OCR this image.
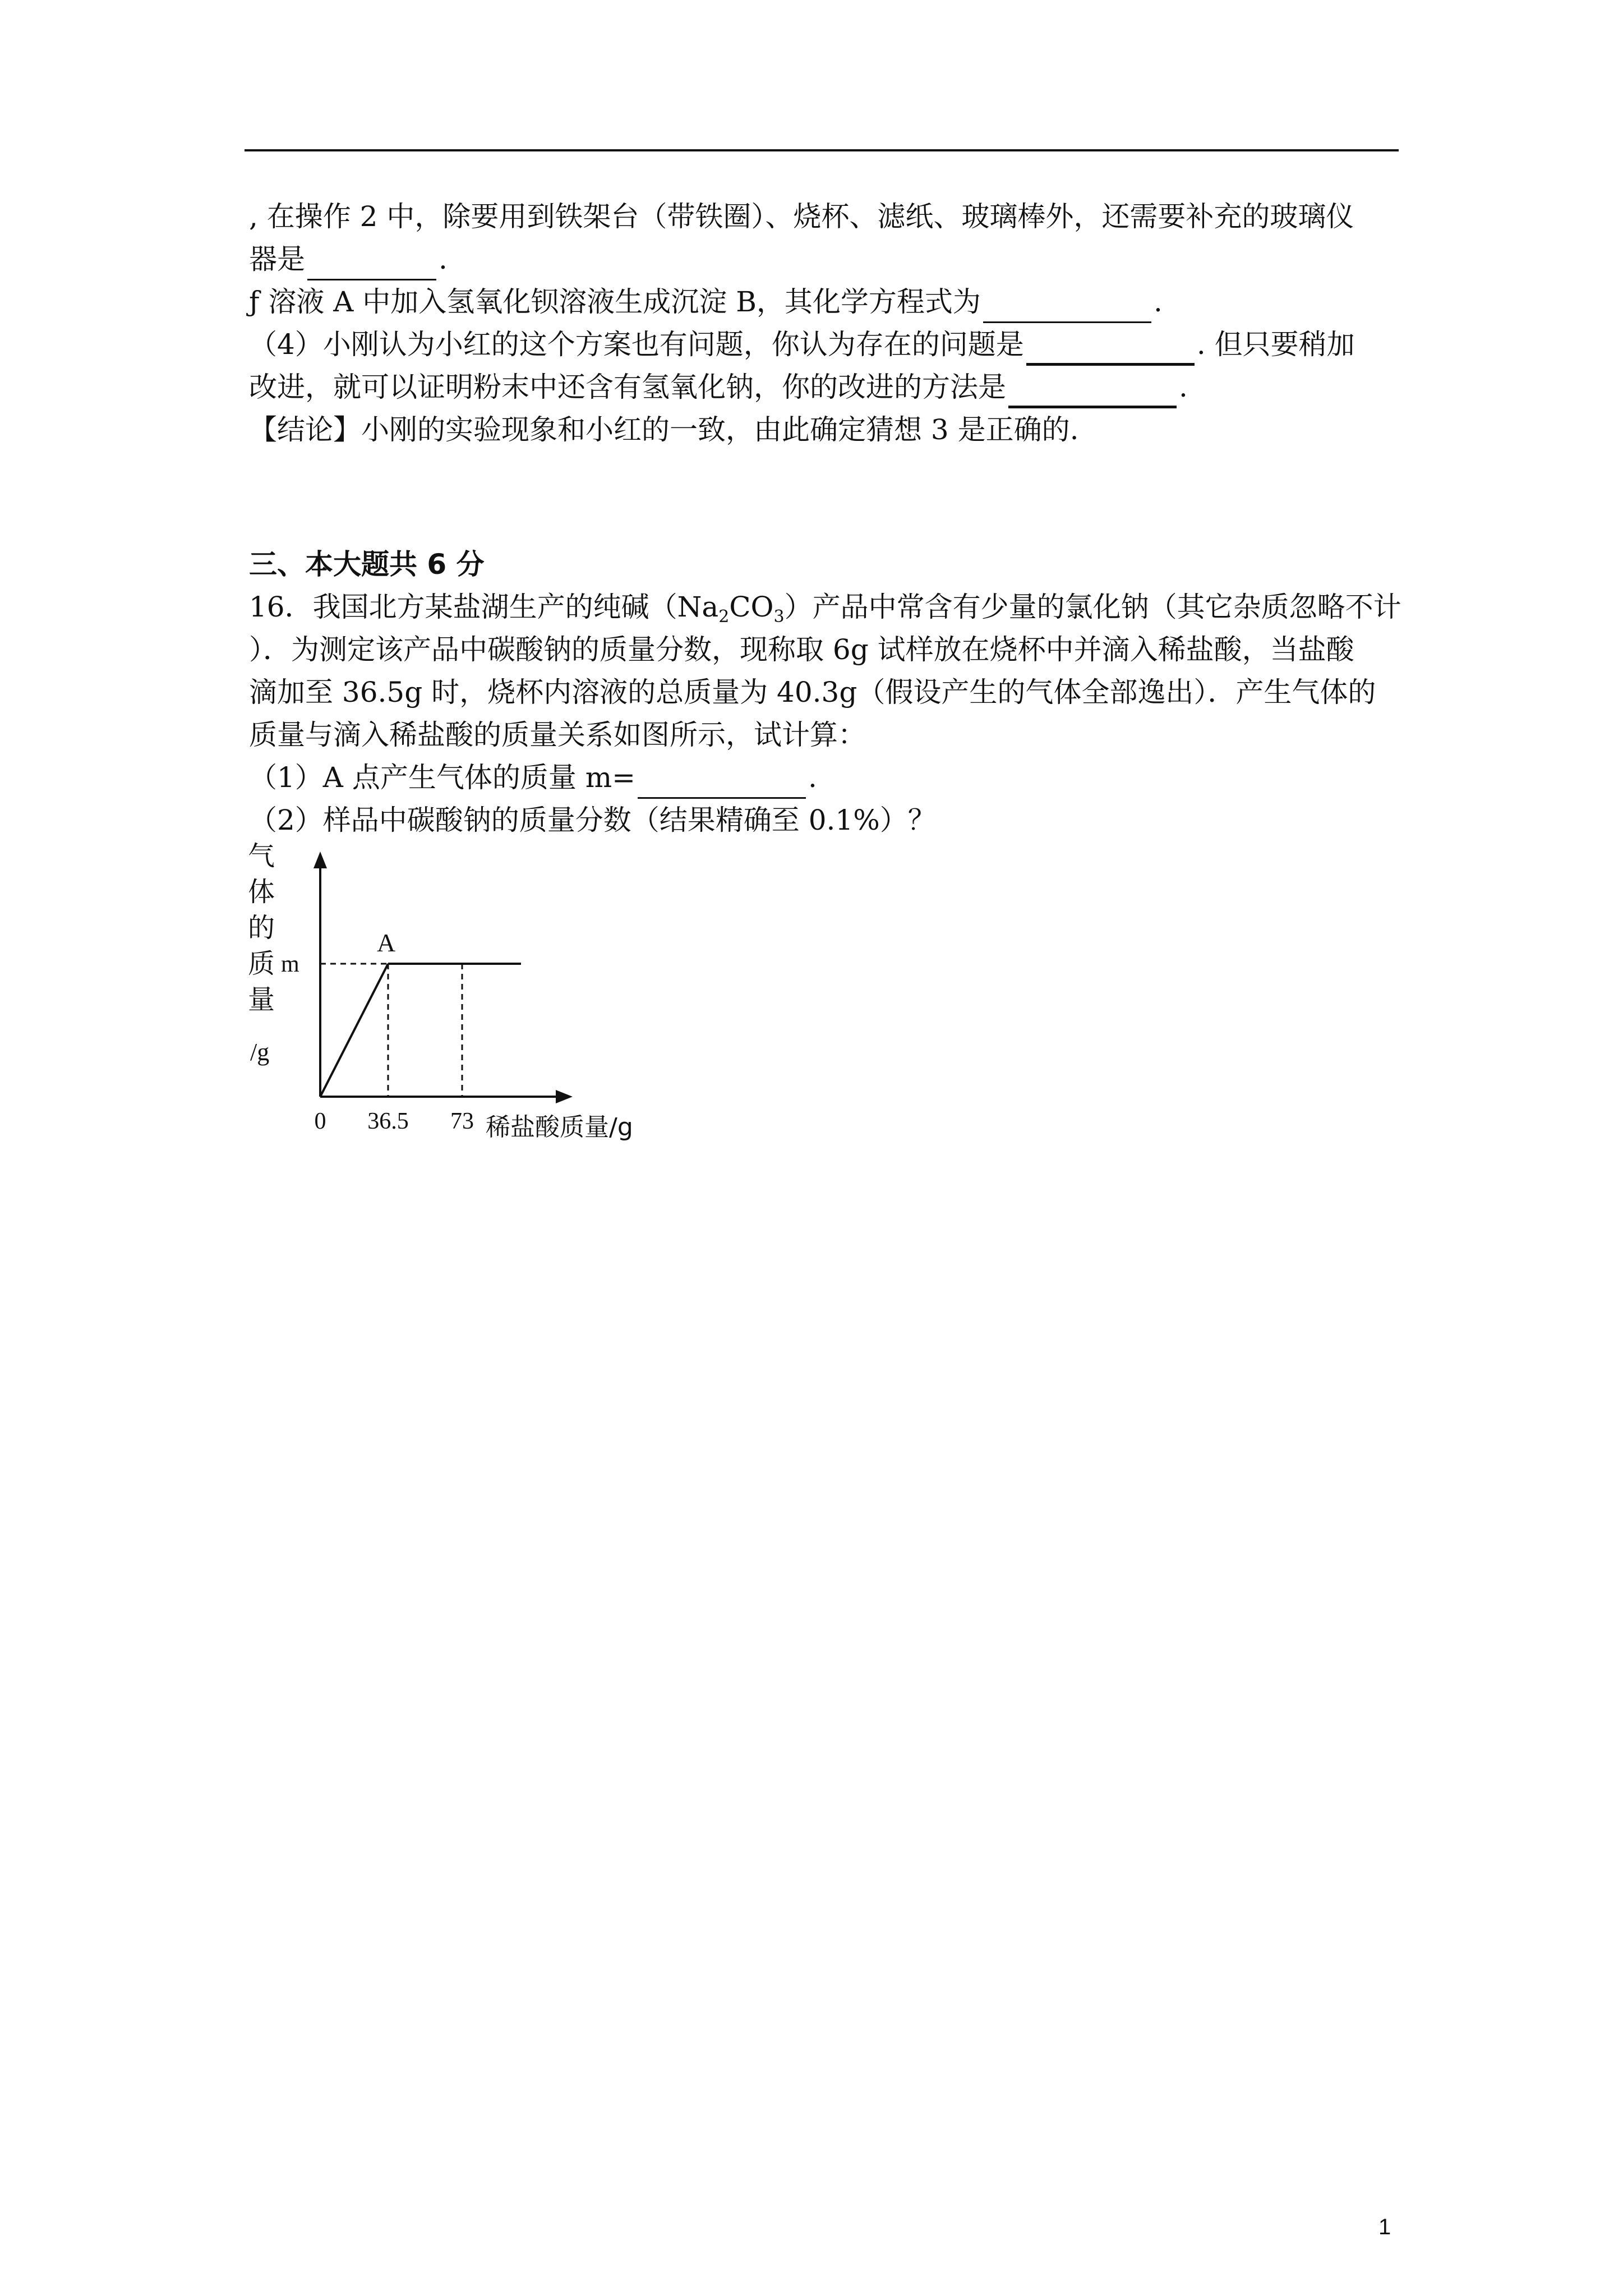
, 在操作 2 中，除要用到铁架台（带铁圈）、烧杯、滤纸、玻璃棒外，还需要补充的玻璃仪
器是	.
ƒ 溶液 A 中加入氢氧化钡溶液生成沉淀 B，其化学方程式为	.
（4）小刚认为小红的这个方案也有问题，你认为存在的问题是	. 但只要稍加
改进，就可以证明粉末中还含有氢氧化钠，你的改进的方法是	.
【结论】小刚的实验现象和小红的一致，由此确定猜想 3 是正确的.
三、本大题共 6 分
16．我国北方某盐湖生产的纯碱$(Na_2CO_3)$产品中常含有少量的氯化钠（其它杂质忽略不计
）．为测定该产品中碳酸钠的质量分数，现称取 6g 试样放在烧杯中并滴入稀盐酸，当盐酸
滴加至 36.5g 时，烧杯内溶液的总质量为 40.3g（假设产生的气体全部逸出）．产生气体的
质量与滴入稀盐酸的质量关系如图所示，试计算：
（1）A 点产生气体的质量 m=	.
（2）样品中碳酸钠的质量分数（结果精确至 0.1%）？
气
体
的
质
量
/g
A
m
0 36.5 73 稀盐酸质量/g
1
